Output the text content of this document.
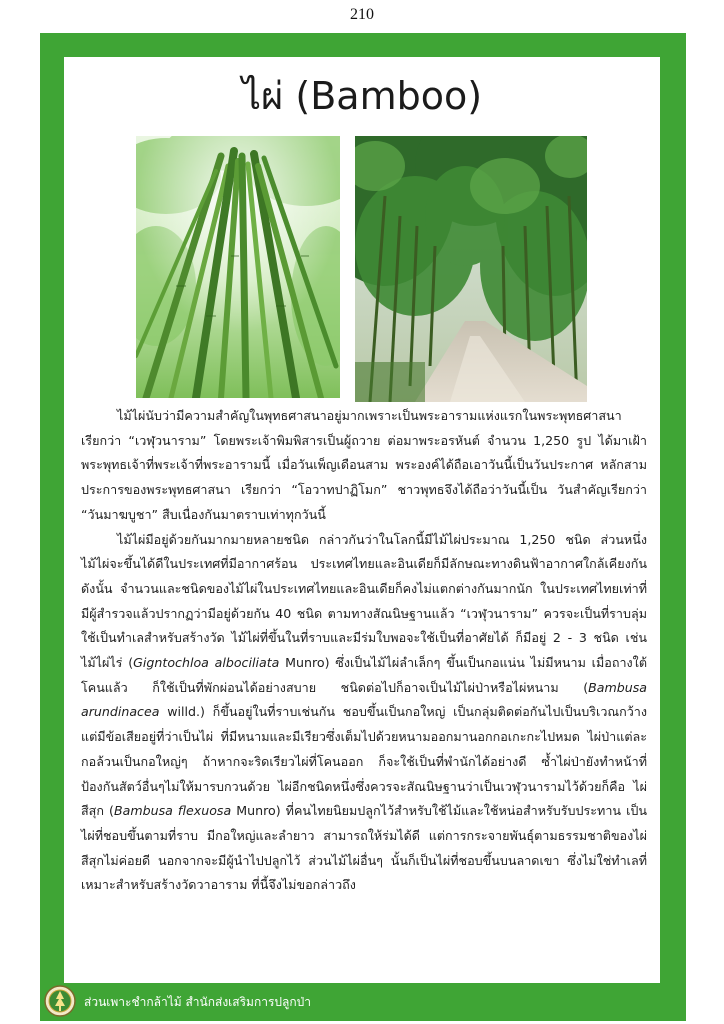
210
ไผ่ (Bamboo)

ไม้ไผ่นับว่ามีความสำคัญในพุทธศาสนาอยู่มากเพราะเป็นพระอารามแห่งแรกในพระพุทธศาสนา เรียกว่า “เวฬุวนาราม” โดยพระเจ้าพิมพิสารเป็นผู้ถวาย ต่อมาพระอรหันต์ จำนวน 1,250 รูป ได้มาเฝ้า พระพุทธเจ้าที่พระเจ้าที่พระอารามนี้ เมื่อวันเพ็ญเดือนสาม พระองค์ได้ถือเอาวันนี้เป็นวันประกาศ หลักสามประการของพระพุทธศาสนา เรียกว่า “โอวาทปาฏิโมก” ชาวพุทธจึงได้ถือว่าวันนี้เป็น วันสำคัญเรียกว่า “วันมาฆบูชา” สืบเนื่องกันมาตราบเท่าทุกวันนี้

ไม้ไผ่มีอยู่ด้วยกันมากมายหลายชนิด กล่าวกันว่าในโลกนี้มีไม้ไผ่ประมาณ 1,250 ชนิด ส่วนหนึ่งไม้ไผ่จะขึ้นได้ดีในประเทศที่มีอากาศร้อน ประเทศไทยและอินเดียก็มีลักษณะทางดินฟ้าอากาศใกล้เคียงกัน ดังนั้น จำนวนและชนิดของไม้ไผ่ในประเทศไทยและอินเดียก็คงไม่แตกต่างกันมากนัก ในประเทศไทยเท่าที่มีผู้สำรวจแล้วปรากฏว่ามีอยู่ด้วยกัน 40 ชนิด ตามทางสัณนิษฐานแล้ว “เวฬุวนาราม” ควรจะเป็นที่ราบลุ่ม ใช้เป็นทำเลสำหรับสร้างวัด ไม้ไผ่ที่ขึ้นในที่ราบและมีร่มใบพอจะใช้เป็นที่อาศัยได้ ก็มีอยู่ 2 - 3 ชนิด เช่น ไม้ไผ่ไร่ (Gigntochloa albociliata Munro) ซึ่งเป็นไม้ไผ่ลำเล็กๆ ขึ้นเป็นกอแน่น ไม่มีหนาม เมื่อถางใต้โคนแล้ว ก็ใช้เป็นที่พักผ่อนได้อย่างสบาย ชนิดต่อไปก็อาจเป็นไม้ไผ่ป่าหรือไผ่หนาม (Bambusa arundinacea willd.) ก็ขึ้นอยู่ในที่ราบเช่นกัน ชอบขึ้นเป็นกอใหญ่ เป็นกลุ่มติดต่อกันไปเป็นบริเวณกว้าง แต่มีข้อเสียอยู่ที่ว่าเป็นไผ่ ที่มีหนามและมีเรียวซึ่งเต็มไปด้วยหนามออกมานอกกอเกะกะไปหมด ไผ่ป่าแต่ละกอล้วนเป็นกอใหญ่ๆ ถ้าหากจะริดเรียวไผ่ที่โคนออก ก็จะใช้เป็นที่พำนักได้อย่างดี ซ้ำไผ่ป่ายังทำหน้าที่ป้องกันสัตว์อื่นๆไม่ให้มารบกวนด้วย ไผ่อีกชนิดหนึ่งซึ่งควรจะสัณนิษฐานว่าเป็นเวฬุวนารามไว้ด้วยก็คือ ไผ่สีสุก (Bambusa flexuosa Munro) ที่คนไทยนิยมปลูกไว้สำหรับใช้ไม้และใช้หน่อสำหรับรับประทาน เป็นไผ่ที่ชอบขึ้นตามที่ราบ มีกอใหญ่และลำยาว สามารถให้ร่มได้ดี แต่การกระจายพันธุ์ตามธรรมชาติของไผ่สีสุกไม่ค่อยดี นอกจากจะมีผู้นำไปปลูกไว้ ส่วนไม้ไผ่อื่นๆ นั้นก็เป็นไผ่ที่ชอบขึ้นบนลาดเขา ซึ่งไม่ใช่ทำเลที่เหมาะสำหรับสร้างวัดวาอาราม ที่นี้จึงไม่ขอกล่าวถึง

ส่วนเพาะชำกล้าไม้ สำนักส่งเสริมการปลูกป่า
